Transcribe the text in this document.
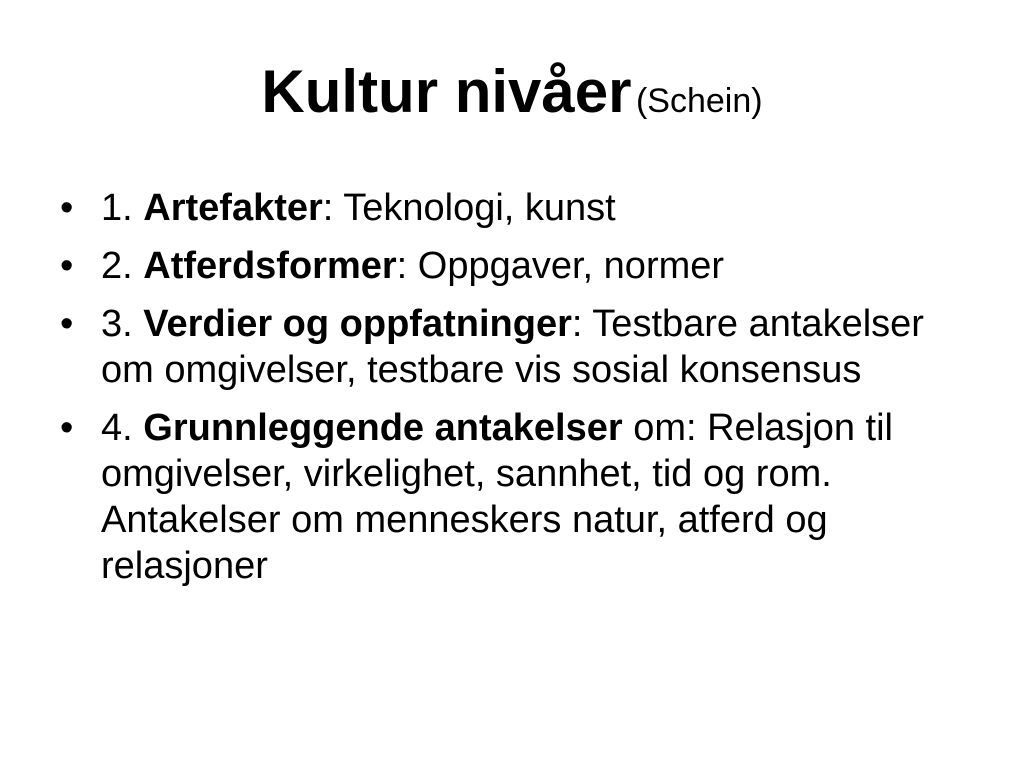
Kultur nivåer (Schein)
• 1. Artefakter: Teknologi, kunst
• 2. Atferdsformer: Oppgaver, normer
• 3. Verdier og oppfatninger: Testbare antakelser om omgivelser, testbare vis sosial konsensus
• 4. Grunnleggende antakelser om: Relasjon til omgivelser, virkelighet, sannhet, tid og rom. Antakelser om menneskers natur, atferd og relasjoner
